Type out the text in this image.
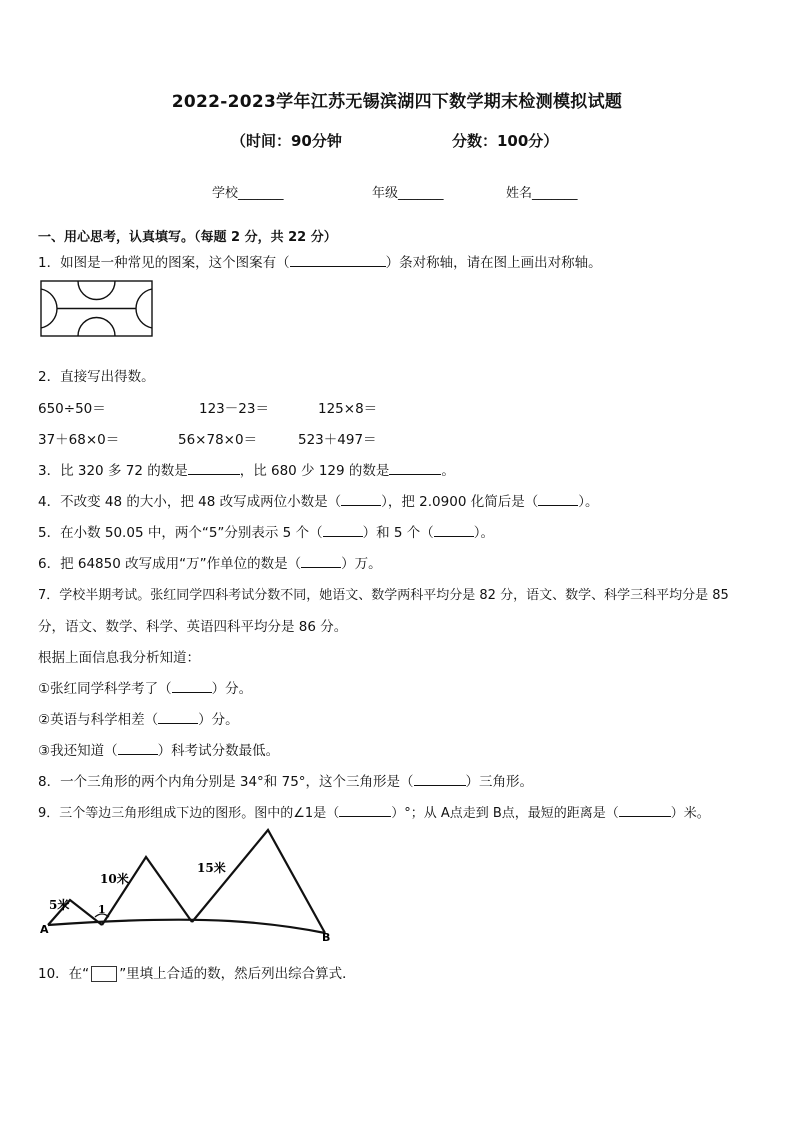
2022-2023学年江苏无锡滨湖四下数学期末检测模拟试题
（时间：90分钟	分数：100分）
学校_______	年级_______	姓名_______
一、用心思考，认真填写。（每题 2 分，共 22 分）
1．如图是一种常见的图案，这个图案有（	）条对称轴，请在图上画出对称轴。
2．直接写出得数。
650÷50＝	123－23＝	125×8＝
37＋68×0＝	56×78×0＝	523＋497＝
3．比 320 多 72 的数是	，比 680 少 129 的数是	。
4．不改变 48 的大小，把 48 改写成两位小数是（	），把 2.0900 化简后是（	）。
5．在小数 50.05 中，两个“5”分别表示 5 个（	）和 5 个（	）。
6．把 64850 改写成用“万”作单位的数是（	）万。
7．学校半期考试。张红同学四科考试分数不同，她语文、数学两科平均分是 82 分，语文、数学、科学三科平均分是 85
分，语文、数学、科学、英语四科平均分是 86 分。
根据上面信息我分析知道：
①张红同学科学考了（	）分。
②英语与科学相差（	）分。
③我还知道（	）科考试分数最低。
8．一个三角形的两个内角分别是 34°和 75°，这个三角形是（	）三角形。
9．三个等边三角形组成下边的图形。图中的∠1是（	）°；从 A点走到 B点，最短的距离是（	）米。
5米
10米
15米
1
A
B
10．在“ ”里填上合适的数，然后列出综合算式．
